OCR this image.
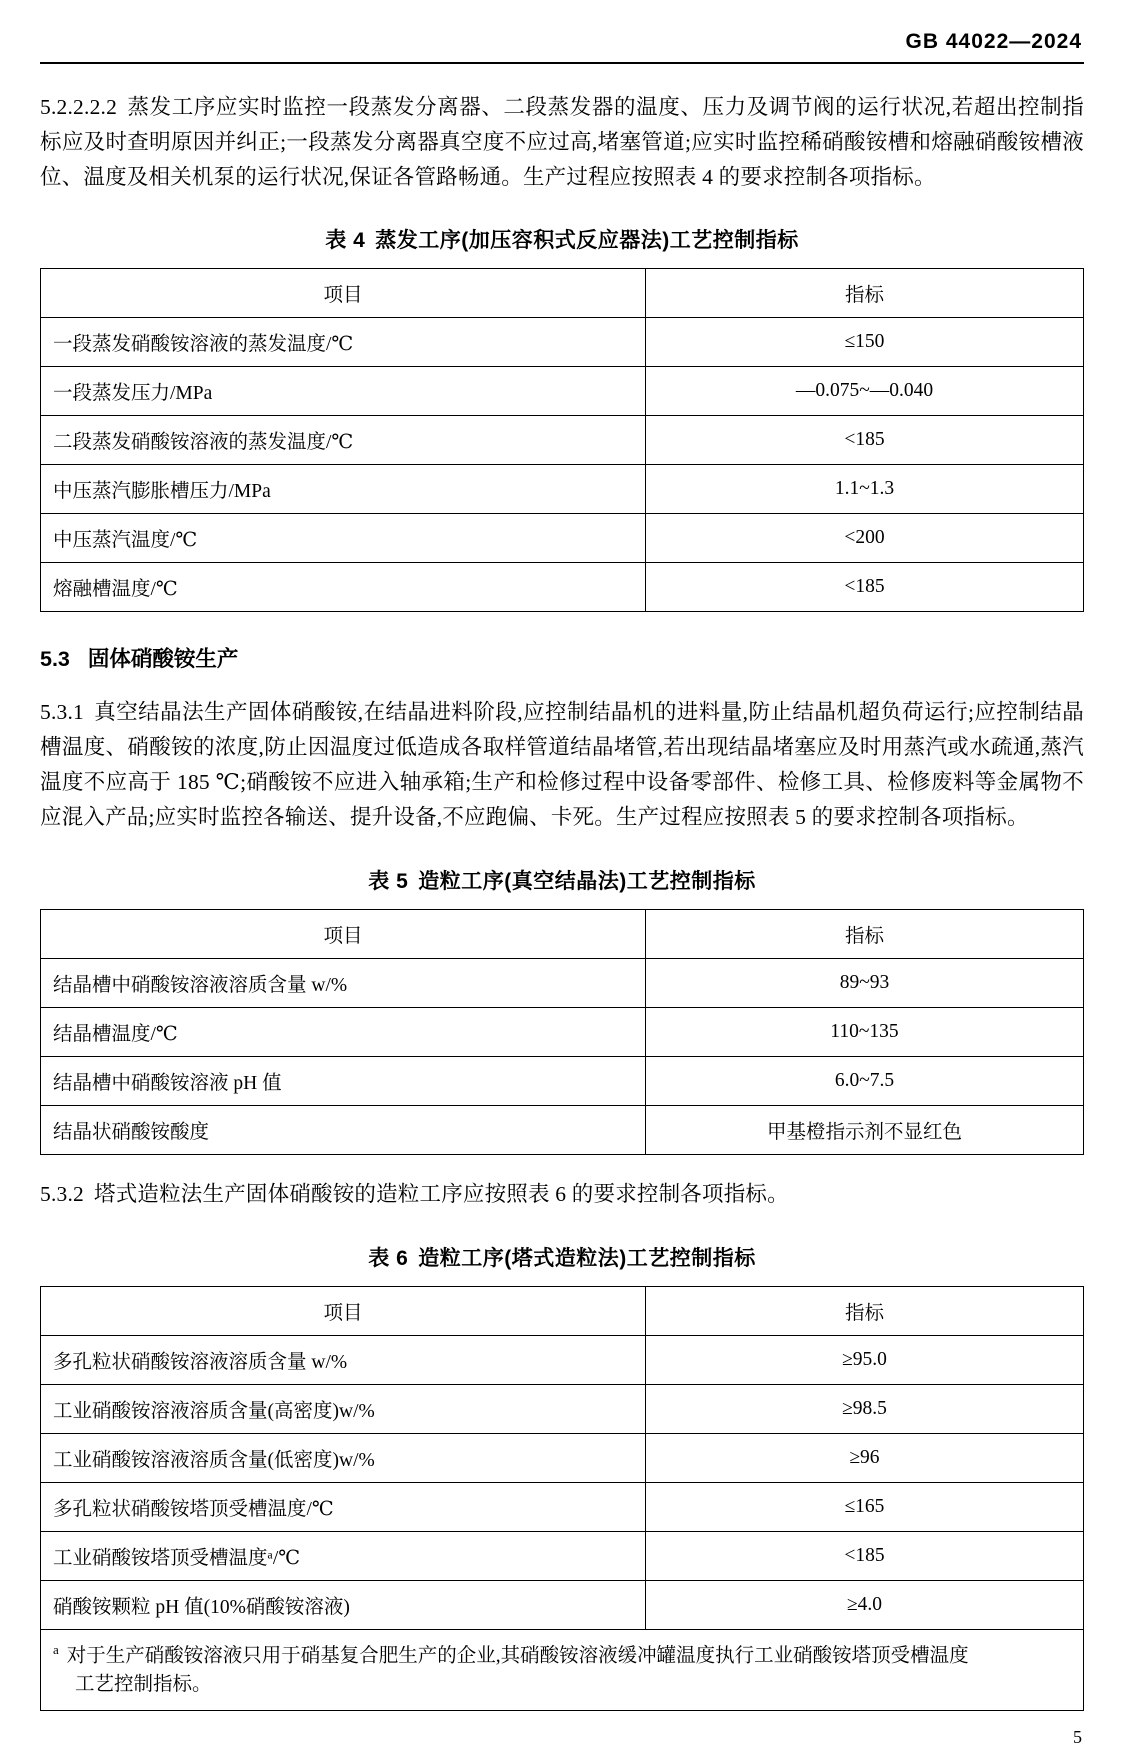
GB 44022—2024

5.2.2.2.2 蒸发工序应实时监控一段蒸发分离器、二段蒸发器的温度、压力及调节阀的运行状况,若超出控制指标应及时查明原因并纠正;一段蒸发分离器真空度不应过高,堵塞管道;应实时监控稀硝酸铵槽和熔融硝酸铵槽液位、温度及相关机泵的运行状况,保证各管路畅通。生产过程应按照表 4 的要求控制各项指标。

表 4 蒸发工序(加压容积式反应器法)工艺控制指标
项目	指标
一段蒸发硝酸铵溶液的蒸发温度/℃	≤150
一段蒸发压力/MPa	—0.075~—0.040
二段蒸发硝酸铵溶液的蒸发温度/℃	<185
中压蒸汽膨胀槽压力/MPa	1.1~1.3
中压蒸汽温度/℃	<200
熔融槽温度/℃	<185
5.3 固体硝酸铵生产

5.3.1 真空结晶法生产固体硝酸铵,在结晶进料阶段,应控制结晶机的进料量,防止结晶机超负荷运行;应控制结晶槽温度、硝酸铵的浓度,防止因温度过低造成各取样管道结晶堵管,若出现结晶堵塞应及时用蒸汽或水疏通,蒸汽温度不应高于 185 ℃;硝酸铵不应进入轴承箱;生产和检修过程中设备零部件、检修工具、检修废料等金属物不应混入产品;应实时监控各输送、提升设备,不应跑偏、卡死。生产过程应按照表 5 的要求控制各项指标。

表 5 造粒工序(真空结晶法)工艺控制指标
项目	指标
结晶槽中硝酸铵溶液溶质含量 w/%	89~93
结晶槽温度/℃	110~135
结晶槽中硝酸铵溶液 pH 值	6.0~7.5
结晶状硝酸铵酸度	甲基橙指示剂不显红色

5.3.2 塔式造粒法生产固体硝酸铵的造粒工序应按照表 6 的要求控制各项指标。

表 6 造粒工序(塔式造粒法)工艺控制指标
项目	指标
多孔粒状硝酸铵溶液溶质含量 w/%	≥95.0
工业硝酸铵溶液溶质含量(高密度)w/%	≥98.5
工业硝酸铵溶液溶质含量(低密度)w/%	≥96
多孔粒状硝酸铵塔顶受槽温度/℃	≤165
工业硝酸铵塔顶受槽温度ᵃ/℃	<185
硝酸铵颗粒 pH 值(10%硝酸铵溶液)	≥4.0
$^a$ 对于生产硝酸铵溶液只用于硝基复合肥生产的企业,其硝酸铵溶液缓冲罐温度执行工业硝酸铵塔顶受槽温度
工艺控制指标。	
5
